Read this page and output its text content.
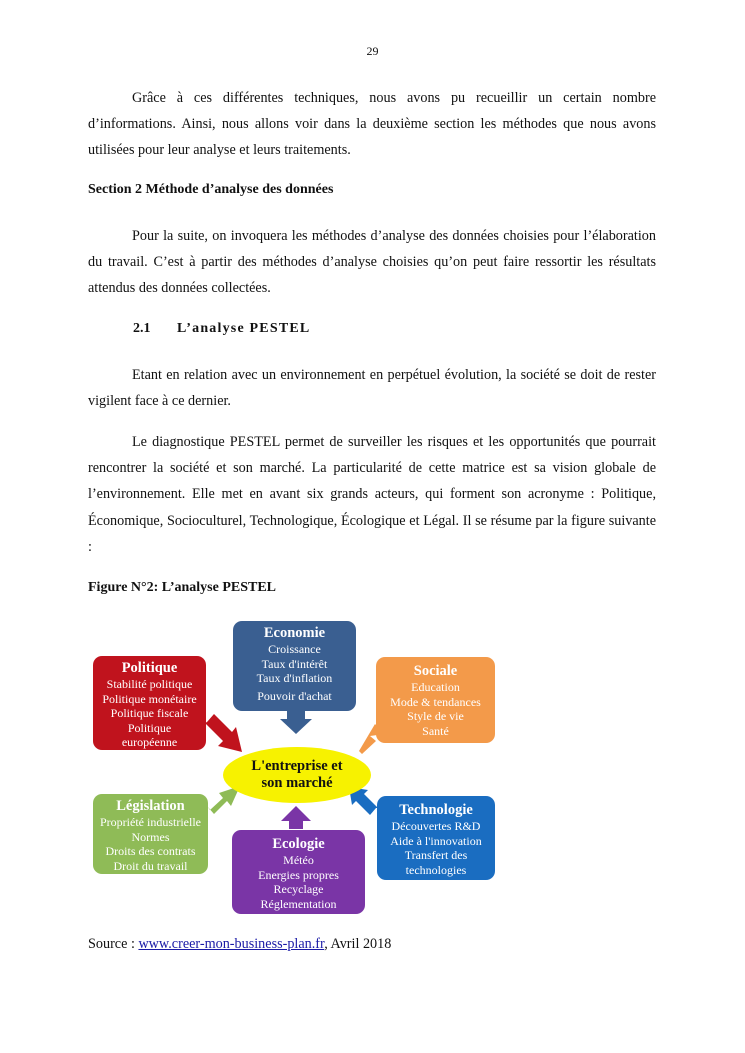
29

Grâce à ces différentes techniques, nous avons pu recueillir un certain nombre d’informations. Ainsi, nous allons voir dans la deuxième section les méthodes que nous avons utilisées pour leur analyse et leurs traitements.

Section 2 Méthode d’analyse des données

Pour la suite, on invoquera les méthodes d’analyse des données choisies pour l’élaboration du travail. C’est à partir des méthodes d’analyse choisies qu’on peut faire ressortir les résultats attendus des données collectées.

2.1 L’analyse PESTEL

Etant en relation avec un environnement en perpétuel évolution, la société se doit de rester vigilent face à ce dernier.

Le diagnostique PESTEL permet de surveiller les risques et les opportunités que pourrait rencontrer la société et son marché. La particularité de cette matrice est sa vision globale de l’environnement. Elle met en avant six grands acteurs, qui forment son acronyme : Politique, Économique, Socioculturel, Technologique, Écologique et Légal. Il se résume par la figure suivante :

Figure N°2: L’analyse PESTEL

Economie
Croissance
Taux d'intérêt
Taux d'inflation
Pouvoir d'achat
Politique
Stabilité politique
Politique monétaire
Politique fiscale
Politique
européenne
Sociale
Education
Mode & tendances
Style de vie
Santé
L'entreprise et
son marché
Législation
Propriété industrielle
Normes
Droits des contrats
Droit du travail
Technologie
Découvertes R&D
Aide à l'innovation
Transfert des
technologies
Ecologie
Météo
Energies propres
Recyclage
Réglementation

Source : www.creer-mon-business-plan.fr, Avril 2018
